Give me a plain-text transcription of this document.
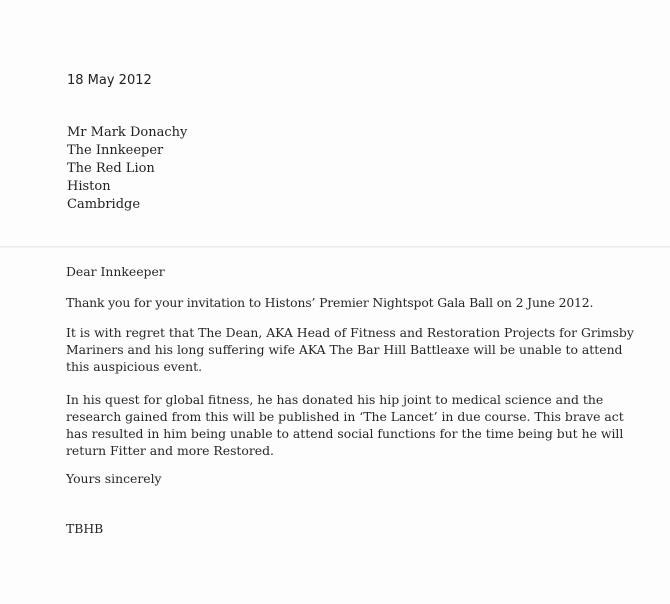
18 May 2012

Mr Mark Donachy
The Innkeeper
The Red Lion
Histon
Cambridge

Dear Innkeeper

Thank you for your invitation to Histons’ Premier Nightspot Gala Ball on 2 June 2012.

It is with regret that The Dean, AKA Head of Fitness and Restoration Projects for Grimsby Mariners and his long suffering wife AKA The Bar Hill Battleaxe will be unable to attend this auspicious event.

In his quest for global fitness, he has donated his hip joint to medical science and the research gained from this will be published in ‘The Lancet’ in due course. This brave act has resulted in him being unable to attend social functions for the time being but he will return Fitter and more Restored.

Yours sincerely

TBHB
